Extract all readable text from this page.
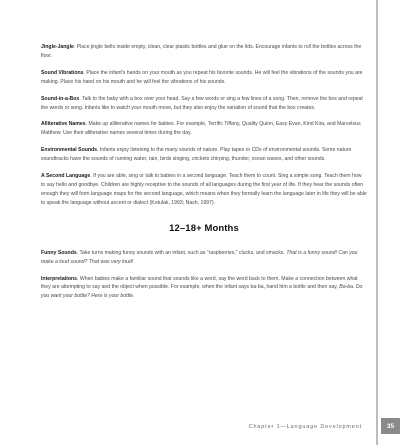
Jingle-Jangle. Place jingle bells inside empty, clean, clear plastic bottles and glue on the lids. Encourage infants to roll the bottles across the floor.

Sound Vibrations. Place the infant's hands on your mouth as you repeat his favorite sounds. He will feel the vibrations of the sounds you are making. Place his hand on his mouth and he will feel the vibrations of his sounds.

Sound-in-a-Box. Talk to the baby with a box over your head. Say a few words or sing a few lines of a song. Then, remove the box and repeat the words or song. Infants like to watch your mouth move, but they also enjoy the variation of sound that the box creates.

Alliterative Names. Make up alliterative names for babies. For example, Terrific Tiffany, Quality Quinn, Easy Evan, Kind Kira, and Marvelous Matthew. Use their alliterative names several times during the day.

Environmental Sounds. Infants enjoy listening to the many sounds of nature. Play tapes or CDs of environmental sounds. Some nature soundtracks have the sounds of running water, rain, birds singing, crickets chirping, thunder, ocean waves, and other sounds.

A Second Language. If you are able, sing or talk to babies in a second language. Teach them to count. Sing a simple song. Teach them how to say hello and goodbye. Children are highly receptive to the sounds of all languages during the first year of life. If they hear the sounds often enough they will form language maps for the second language, which means when they formally learn the language later in life they will be able to speak the language without accent or dialect (Kotulak, 1993; Nash, 1997).

12–18+ Months

Funny Sounds. Take turns making funny sounds with an infant, such as “raspberries,” clucks, and smacks. That is a funny sound! Can you make a loud sound? That was very loud!

Interpretations. When babies make a familiar sound that sounds like a word, say the word back to them. Make a connection between what they are attempting to say and the object when possible. For example, when the infant says ba-ba, hand him a bottle and then say, Ba-ba. Do you want your bottle? Here is your bottle.

Chapter 1—Language Development	35
